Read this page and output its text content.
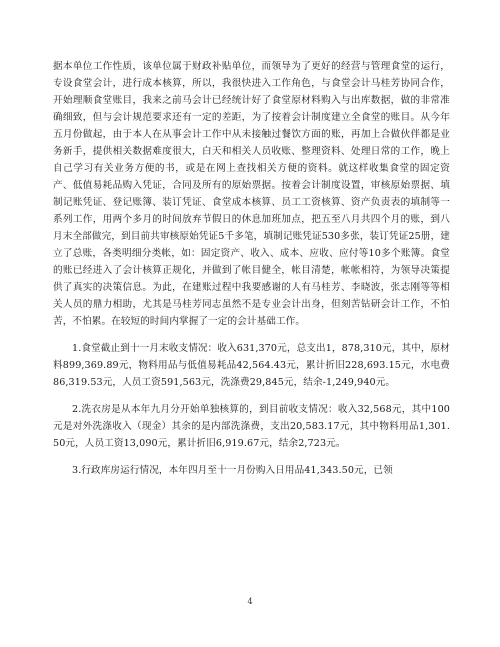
据本单位工作性质，该单位属于财政补贴单位，而领导为了更好的经营与管理食堂的运行，专设食堂会计，进行成本核算，所以，我很快进入工作角色，与食堂会计马桂芳协同合作，开始理顺食堂账目，我来之前马会计已经统计好了食堂原材料购入与出库数据，做的非常准确细致，但与会计规范要求还有一定的差距，为了按着会计制度建立全食堂的账目。从今年五月份做起，由于本人在从事会计工作中从未接触过餐饮方面的账，再加上合做伙伴都是业务新手，提供相关数据难度很大，白天和相关人员收账、整理资料、处理日常的工作，晚上自己学习有关业务方便的书，或是在网上查找相关方便的资料。就这样收集食堂的固定资产、低值易耗品购入凭证，合同及所有的原始票据。按着会计制度设置，审核原始票据、填制记账凭证、登记账簿、装订凭证、食堂成本核算、员工工资核算、资产负责表的填制等一系列工作，用两个多月的时间放弃节假日的休息加班加点，把五至八月共四个月的账，到八月末全部做完，到目前共审核原始凭证5千多笔，填制记账凭证530多张，装订凭证25册，建立了总账，各类明细分类帐，如：固定资产、收入、成本、应收、应付等10多个账簿。食堂的账已经进入了会计核算正规化，并做到了帐目健全，帐目清楚，帐帐相符，为领导决策提供了真实的决策信息。为此，在建账过程中我要感谢的人有马桂芳、李晓波，张志刚等等相关人员的鼎力相助，尤其是马桂芳同志虽然不是专业会计出身，但刻苦钻研会计工作，不怕苦，不怕累。在较短的时间内掌握了一定的会计基础工作。

1.食堂截止到十一月末收支情况：收入631,370元，总支出1，878,310元，其中，原材料899,369.89元，物料用品与低值易耗品42,564.43元，累计折旧228,693.15元，水电费86,319.53元，人员工资591,563元，洗涤费29,845元，结余-1,249,940元。

2.洗衣房是从本年九月分开始单独核算的，到目前收支情况：收入32,568元，其中100元是对外洗涤收入（现金）其余的是内部洗涤费，支出20,583.17元，其中物料用品1,301.50元，人员工资13,090元，累计折旧6,919.67元，结余2,723元。

3.行政库房运行情况，本年四月至十一月份购入日用品41,343.50元，已领

4
